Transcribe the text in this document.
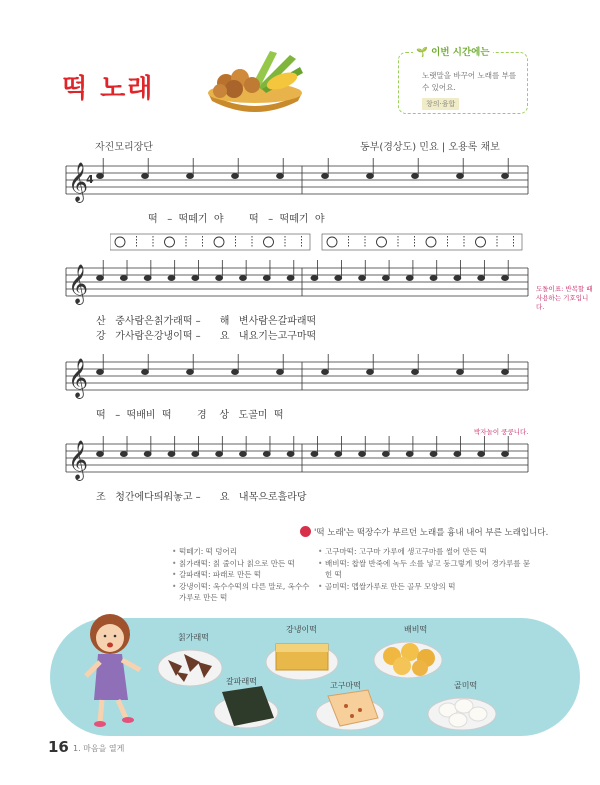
떡 노래
🌱 이번 시간에는
노랫말을 바꾸어 노래를 부를 수 있어요.
창의·융합
자진모리장단	동부(경상도) 민요 | 오용록 채보
𝄞
𝄞
𝄞
𝄞
4
떡   –  떡떼기  야        떡   –  떡떼기  야
산   중사람은칡가래떡 –      해   변사람은갈파래떡
강   가사람은강냉이떡 –      요   내요기는고구마떡
떡   –  떡배비  떡        경    상   도골미  떡
조   청간에다띄워놓고 –      요   내목으로흘라당
도돌이표: 반복할 때 사용하는 기호입니다.
박자놀이 쿵쿵니다.
'떡 노래'는 떡장수가 부르던 노래를 흉내 내어 부른 노래입니다.
• 떡떼기: 떡 덩어리
• 칡가래떡: 칡 줄이나 칡으로 만든 떡
• 갈파래떡: 파래로 만든 떡
• 강냉이떡: 옥수수떡의 다른 말로, 옥수수 가루로 만든 떡
• 고구마떡: 고구마 가루에 생고구마를 썰어 만든 떡
• 배비떡: 찹쌀 반죽에 녹두 소를 넣고 둥그렇게 빚어 경가루를 묻힌 떡
• 골미떡: 멥쌀가루로 만든 골무 모양의 떡
칡가래떡
강냉이떡	배비떡
갈파래떡	고구마떡	골미떡
16 1. 마음을 열게
